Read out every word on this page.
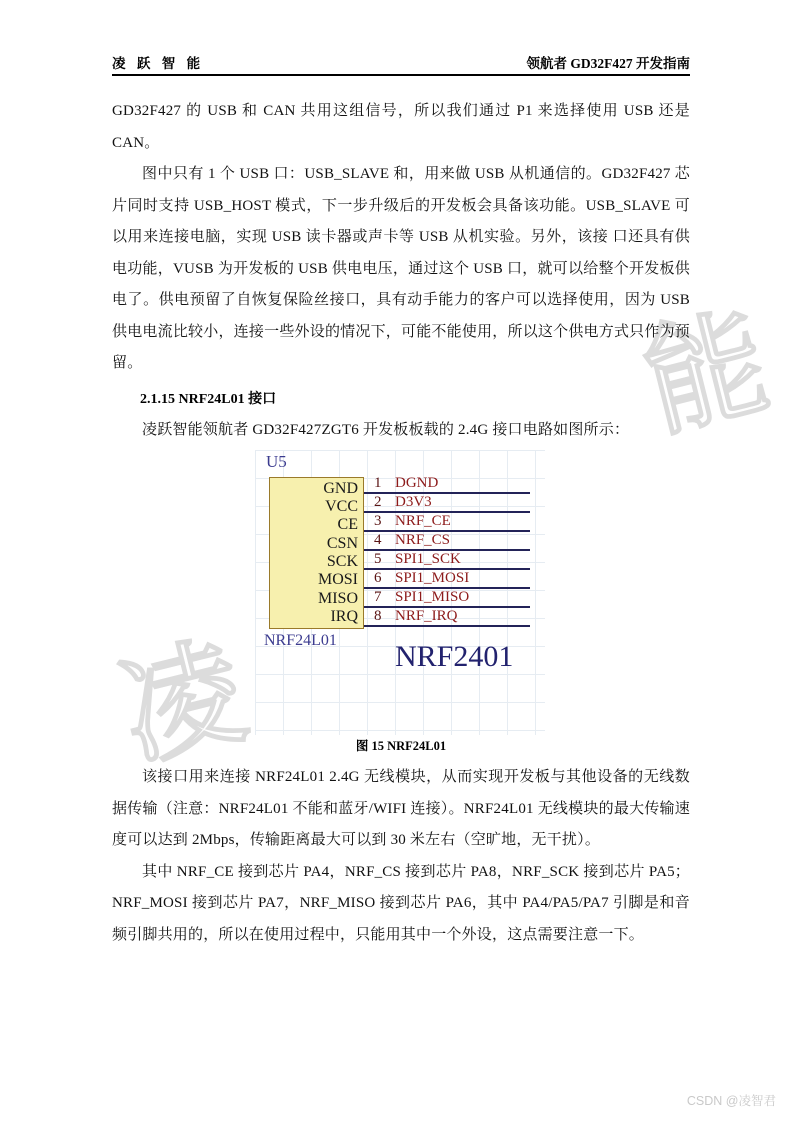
能
凌
凌 跃 智 能	领航者 GD32F427 开发指南

GD32F427 的 USB 和 CAN 共用这组信号，所以我们通过 P1 来选择使用 USB 还是 CAN。

图中只有 1 个 USB 口：USB_SLAVE 和，用来做 USB 从机通信的。GD32F427 芯片同时支持 USB_HOST 模式，下一步升级后的开发板会具备该功能。USB_SLAVE 可以用来连接电脑，实现 USB 读卡器或声卡等 USB 从机实验。另外，该接 口还具有供电功能，VUSB 为开发板的 USB 供电电压，通过这个 USB 口，就可以给整个开发板供电了。供电预留了自恢复保险丝接口，具有动手能力的客户可以选择使用，因为 USB 供电电流比较小，连接一些外设的情况下，可能不能使用，所以这个供电方式只作为预留。

2.1.15 NRF24L01 接口

凌跃智能领航者 GD32F427ZGT6 开发板板载的 2.4G 接口电路如图所示：

U5
GND
VCC
CE
CSN
SCK
MOSI
MISO
IRQ
1 DGND
2 D3V3
3 NRF_CE
4 NRF_CS
5 SPI1_SCK
6 SPI1_MOSI
7 SPI1_MISO
8 NRF_IRQ
NRF24L01 NRF2401
图 15 NRF24L01

该接口用来连接 NRF24L01 2.4G 无线模块，从而实现开发板与其他设备的无线数据传输（注意：NRF24L01 不能和蓝牙/WIFI 连接）。NRF24L01 无线模块的最大传输速度可以达到 2Mbps，传输距离最大可以到 30 米左右（空旷地，无干扰）。

其中 NRF_CE 接到芯片 PA4，NRF_CS 接到芯片 PA8，NRF_SCK 接到芯片 PA5；NRF_MOSI 接到芯片 PA7，NRF_MISO 接到芯片 PA6，其中 PA4/PA5/PA7 引脚是和音频引脚共用的，所以在使用过程中，只能用其中一个外设，这点需要注意一下。

CSDN @凌智君
